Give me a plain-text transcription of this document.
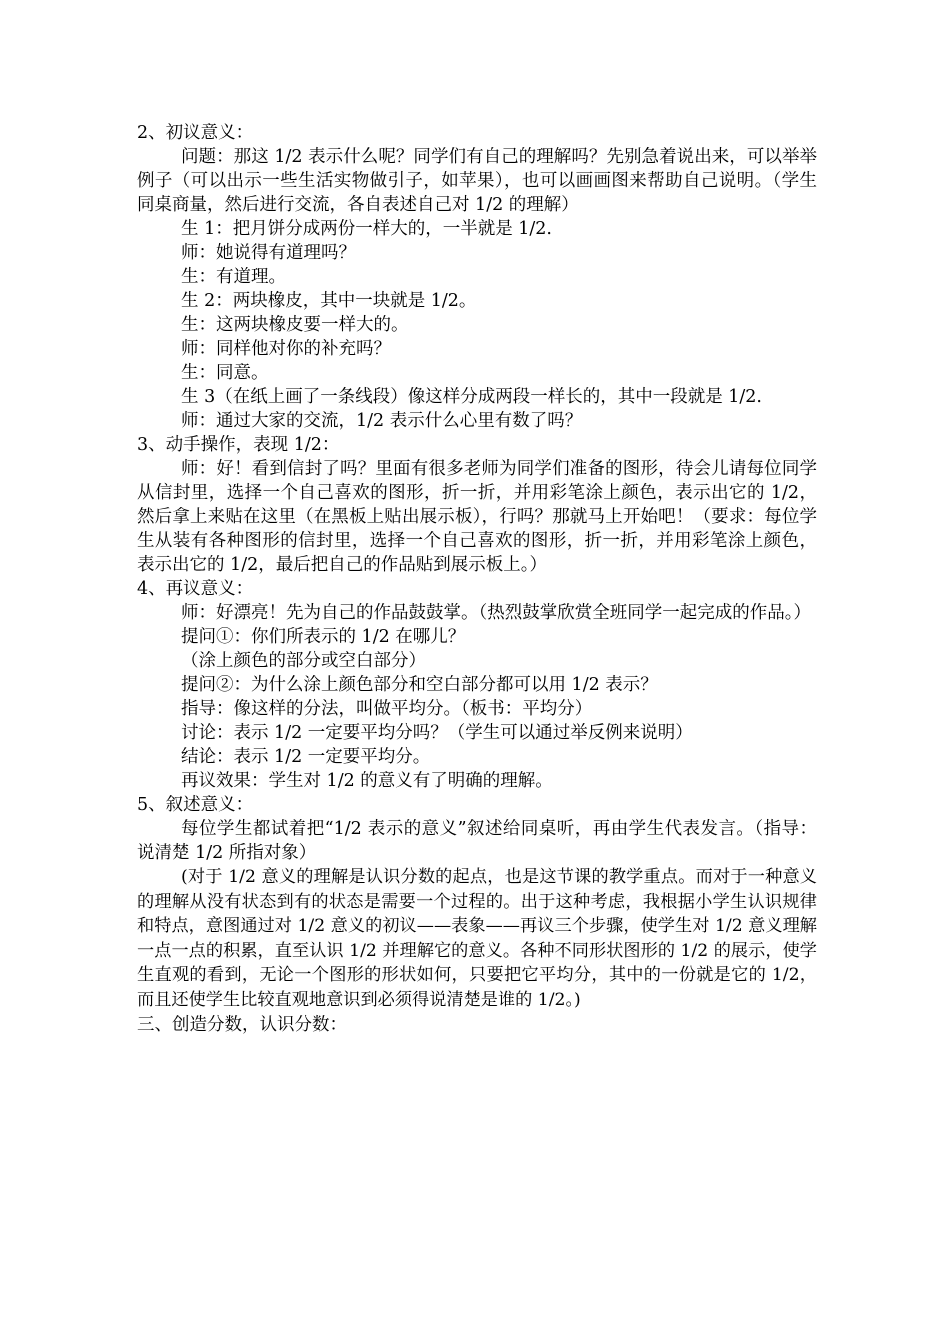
2、初议意义：

问题：那这 1/2 表示什么呢？同学们有自己的理解吗？先别急着说出来，可以举举例子（可以出示一些生活实物做引子，如苹果），也可以画画图来帮助自己说明。（学生同桌商量，然后进行交流，各自表述自己对 1/2 的理解）

生 1：把月饼分成两份一样大的，一半就是 1/2.

师：她说得有道理吗？

生：有道理。

生 2：两块橡皮，其中一块就是 1/2。

生：这两块橡皮要一样大的。

师：同样他对你的补充吗？

生：同意。

生 3（在纸上画了一条线段）像这样分成两段一样长的，其中一段就是 1/2.

师：通过大家的交流，1/2 表示什么心里有数了吗？

3、动手操作，表现 1/2：

师：好！看到信封了吗？里面有很多老师为同学们准备的图形，待会儿请每位同学从信封里，选择一个自己喜欢的图形，折一折，并用彩笔涂上颜色，表示出它的 1/2，然后拿上来贴在这里（在黑板上贴出展示板），行吗？那就马上开始吧！（要求：每位学生从装有各种图形的信封里，选择一个自己喜欢的图形，折一折，并用彩笔涂上颜色，表示出它的 1/2，最后把自己的作品贴到展示板上。）

4、再议意义：

师：好漂亮！先为自己的作品鼓鼓掌。（热烈鼓掌欣赏全班同学一起完成的作品。）

提问①：你们所表示的 1/2 在哪儿？

（涂上颜色的部分或空白部分）

提问②：为什么涂上颜色部分和空白部分都可以用 1/2 表示？

指导：像这样的分法，叫做平均分。（板书：平均分）

讨论：表示 1/2 一定要平均分吗？（学生可以通过举反例来说明）

结论：表示 1/2 一定要平均分。

再议效果：学生对 1/2 的意义有了明确的理解。

5、叙述意义：

每位学生都试着把“1/2 表示的意义”叙述给同桌听，再由学生代表发言。（指导：说清楚 1/2 所指对象）

(对于 1/2 意义的理解是认识分数的起点，也是这节课的教学重点。而对于一种意义的理解从没有状态到有的状态是需要一个过程的。出于这种考虑，我根据小学生认识规律和特点，意图通过对 1/2 意义的初议——表象——再议三个步骤，使学生对 1/2 意义理解一点一点的积累，直至认识 1/2 并理解它的意义。各种不同形状图形的 1/2 的展示，使学生直观的看到，无论一个图形的形状如何，只要把它平均分，其中的一份就是它的 1/2，而且还使学生比较直观地意识到必须得说清楚是谁的 1/2。)

三、创造分数，认识分数：
